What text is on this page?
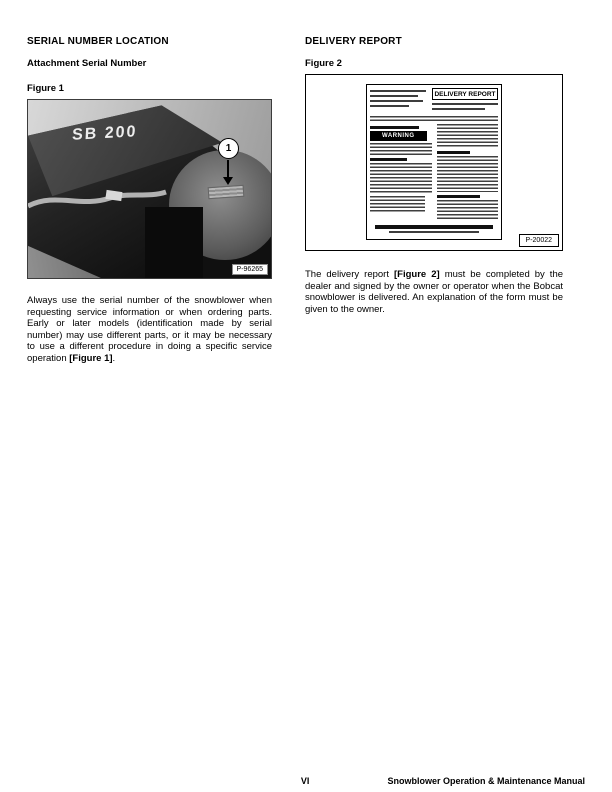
SERIAL NUMBER LOCATION
Attachment Serial Number
Figure 1
SB 200
1
P-96265

Always use the serial number of the snowblower when requesting service information or when ordering parts. Early or later models (identification made by serial number) may use different parts, or it may be necessary to use a different procedure in doing a specific service operation [Figure 1].

DELIVERY REPORT
Figure 2
DELIVERY REPORT
WARNING
P-20022

The delivery report [Figure 2] must be completed by the dealer and signed by the owner or operator when the Bobcat snowblower is delivered. An explanation of the form must be given to the owner.

VI	Snowblower Operation & Maintenance Manual
